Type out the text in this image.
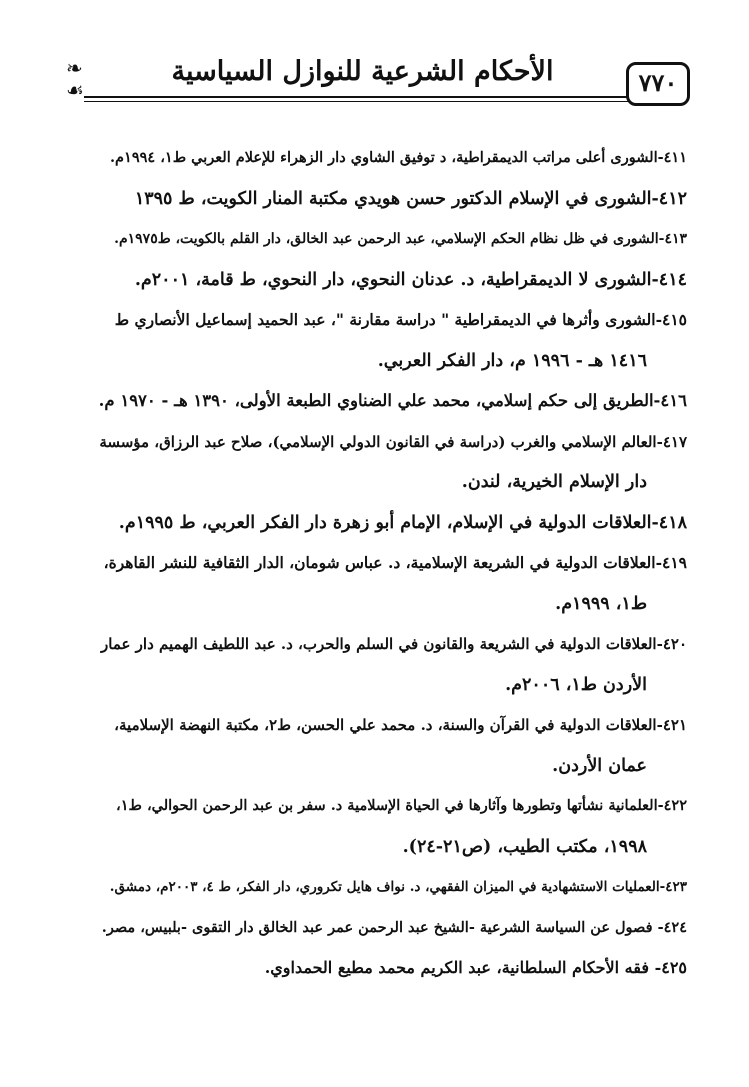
❧
☙
الأحكام الشرعية للنوازل السياسية	٧٧٠
٤١١-الشورى أعلى مراتب الديمقراطية، د توفيق الشاوي دار الزهراء للإعلام العربي ط١، ١٩٩٤م.
٤١٢-الشورى في الإسلام الدكتور حسن هويدي مكتبة المنار الكويت، ط ١٣٩٥
٤١٣-الشورى في ظل نظام الحكم الإسلامي، عبد الرحمن عبد الخالق، دار القلم بالكويت، ط١٩٧٥م.
٤١٤-الشورى لا الديمقراطية، د. عدنان النحوي، دار النحوي، ط قامة، ٢٠٠١م.
٤١٥-الشورى وأثرها في الديمقراطية " دراسة مقارنة "، عبد الحميد إسماعيل الأنصاري ط
١٤١٦ هـ - ١٩٩٦ م، دار الفكر العربي.
٤١٦-الطريق إلى حكم إسلامي، محمد علي الضناوي الطبعة الأولى، ١٣٩٠ هـ - ١٩٧٠ م.
٤١٧-العالم الإسلامي والغرب (دراسة في القانون الدولي الإسلامي)، صلاح عبد الرزاق، مؤسسة
دار الإسلام الخيرية، لندن.
٤١٨-العلاقات الدولية في الإسلام، الإمام أبو زهرة دار الفكر العربي، ط ١٩٩٥م.
٤١٩-العلاقات الدولية في الشريعة الإسلامية، د. عباس شومان، الدار الثقافية للنشر القاهرة،
ط١، ١٩٩٩م.
٤٢٠-العلاقات الدولية في الشريعة والقانون في السلم والحرب، د. عبد اللطيف الهميم دار عمار
الأردن ط١، ٢٠٠٦م.
٤٢١-العلاقات الدولية في القرآن والسنة، د. محمد علي الحسن، ط٢، مكتبة النهضة الإسلامية،
عمان الأردن.
٤٢٢-العلمانية نشأتها وتطورها وآثارها في الحياة الإسلامية د. سفر بن عبد الرحمن الحوالي، ط١،
١٩٩٨، مكتب الطيب، (ص٢١-٢٤).
٤٢٣-العمليات الاستشهادية في الميزان الفقهي، د. نواف هايل تكروري، دار الفكر، ط ٤، ٢٠٠٣م، دمشق.
٤٢٤- فصول عن السياسة الشرعية -الشيخ عبد الرحمن عمر عبد الخالق دار التقوى -بلبيس، مصر.
٤٢٥- فقه الأحكام السلطانية، عبد الكريم محمد مطيع الحمداوي.
